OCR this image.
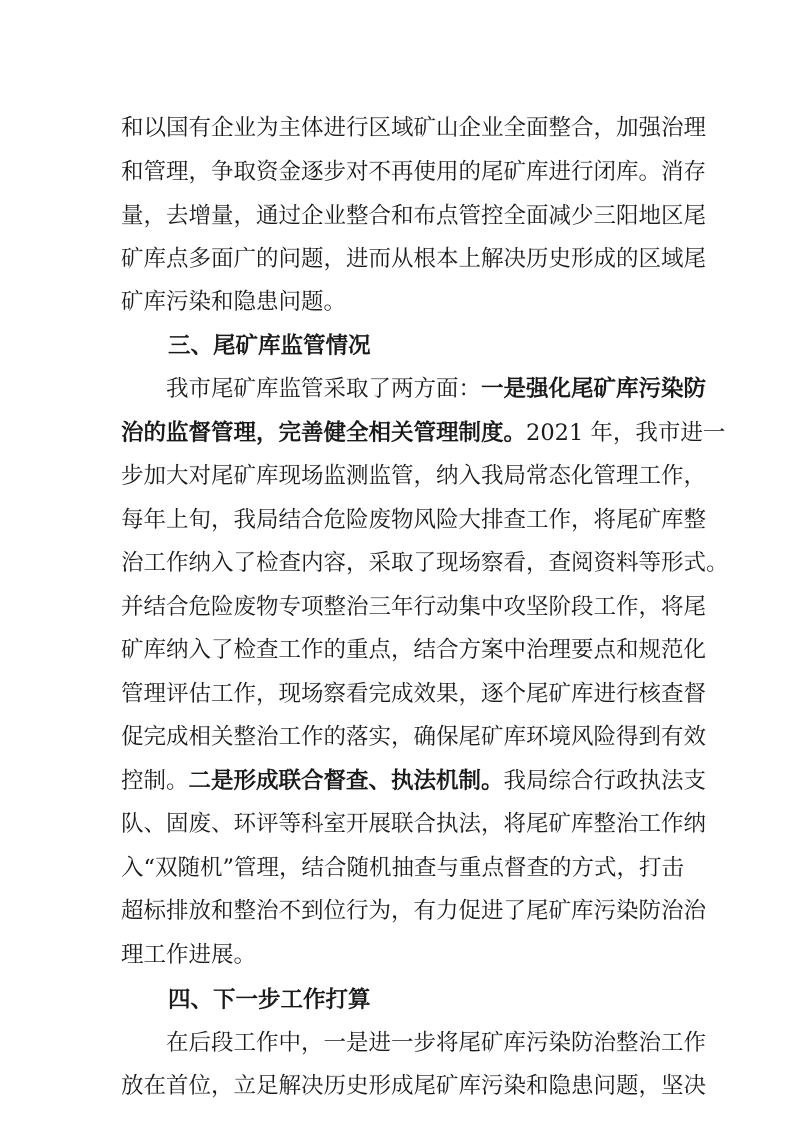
和以国有企业为主体进行区域矿山企业全面整合，加强治理
和管理，争取资金逐步对不再使用的尾矿库进行闭库。消存
量，去增量，通过企业整合和布点管控全面减少三阳地区尾
矿库点多面广的问题，进而从根本上解决历史形成的区域尾
矿库污染和隐患问题。
三、尾矿库监管情况
我市尾矿库监管采取了两方面：一是强化尾矿库污染防
治的监督管理，完善健全相关管理制度。2021 年，我市进一
步加大对尾矿库现场监测监管，纳入我局常态化管理工作，
每年上旬，我局结合危险废物风险大排查工作，将尾矿库整
治工作纳入了检查内容，采取了现场察看，查阅资料等形式。
并结合危险废物专项整治三年行动集中攻坚阶段工作，将尾
矿库纳入了检查工作的重点，结合方案中治理要点和规范化
管理评估工作，现场察看完成效果，逐个尾矿库进行核查督
促完成相关整治工作的落实，确保尾矿库环境风险得到有效
控制。二是形成联合督查、执法机制。我局综合行政执法支
队、固废、环评等科室开展联合执法，将尾矿库整治工作纳
入“双随机”管理，结合随机抽查与重点督查的方式，打击
超标排放和整治不到位行为，有力促进了尾矿库污染防治治
理工作进展。
四、下一步工作打算
在后段工作中，一是进一步将尾矿库污染防治整治工作
放在首位，立足解决历史形成尾矿库污染和隐患问题，坚决
